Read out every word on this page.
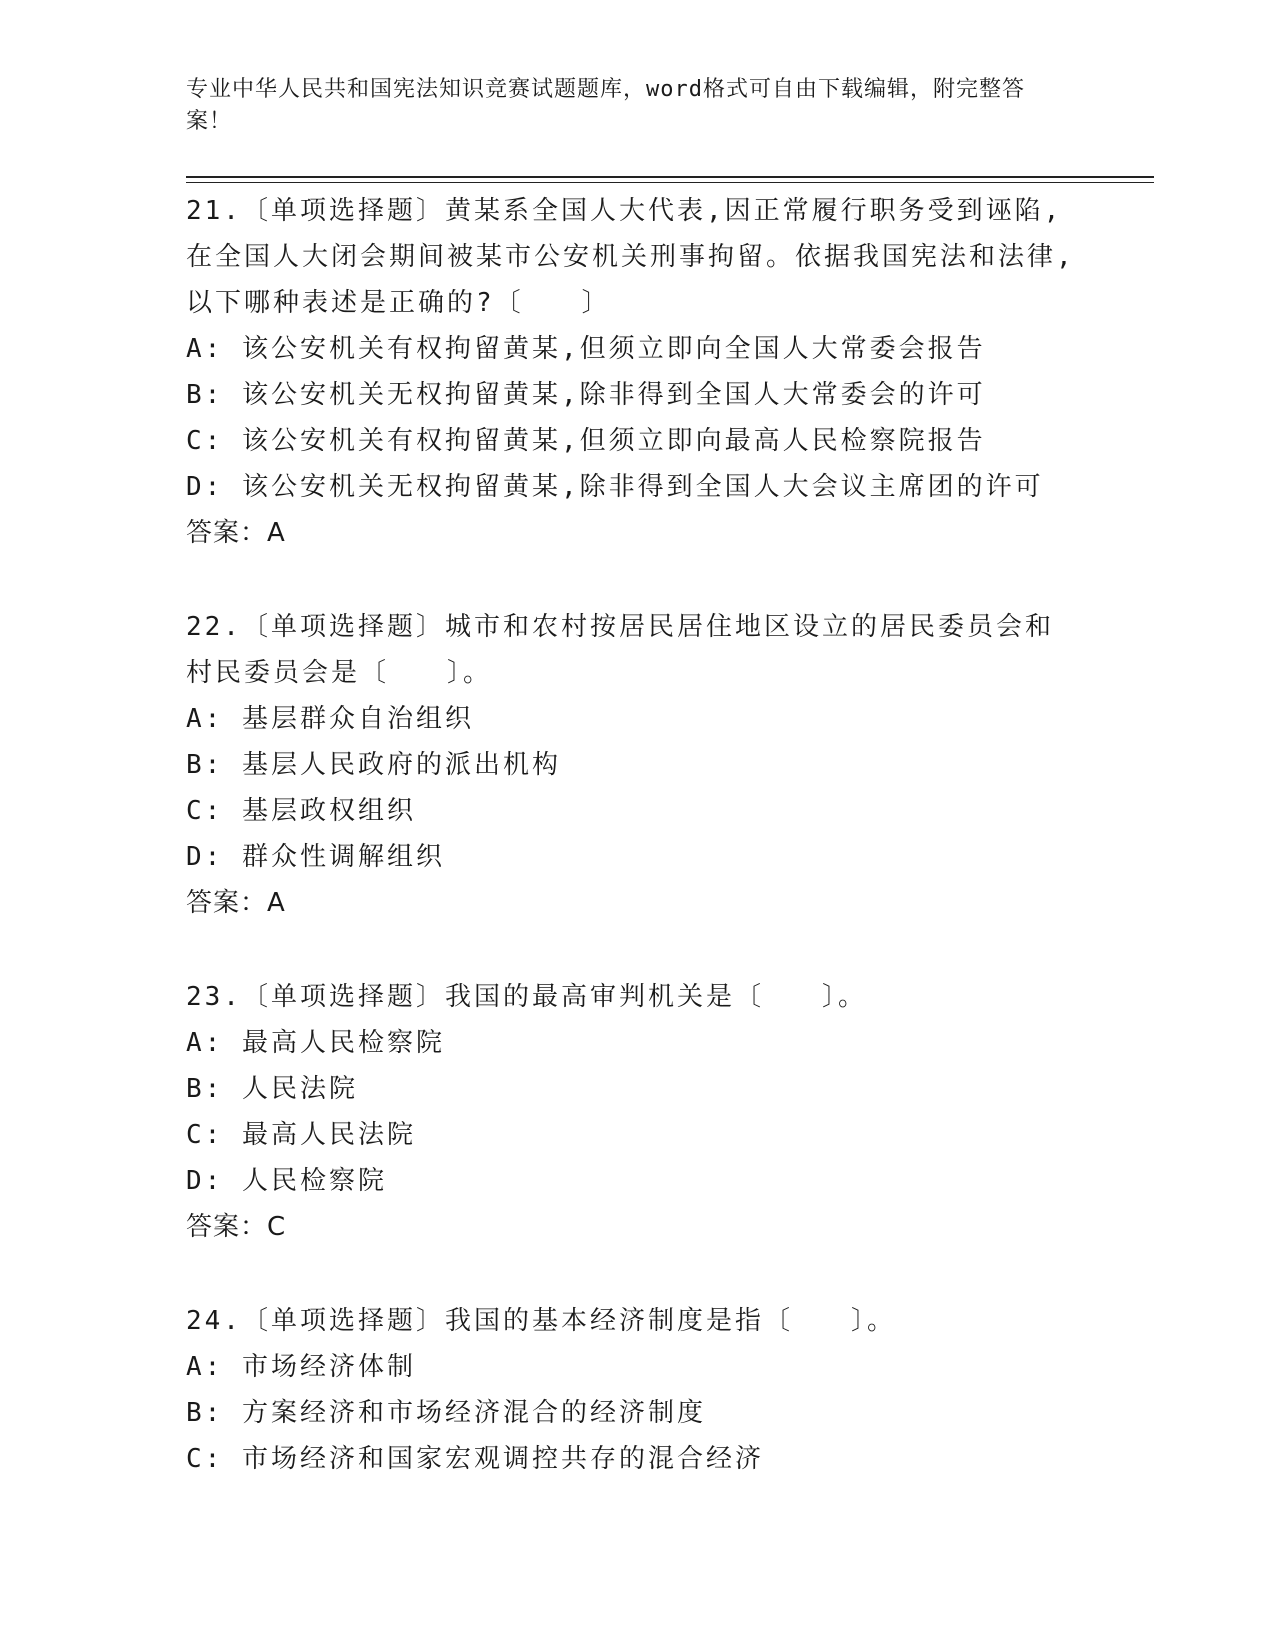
专业中华人民共和国宪法知识竞赛试题题库，word格式可自由下载编辑，附完整答案！
21.〔单项选择题〕黄某系全国人大代表,因正常履行职务受到诬陷,在全国人大闭会期间被某市公安机关刑事拘留。依据我国宪法和法律,以下哪种表述是正确的?〔　　〕
A: 该公安机关有权拘留黄某,但须立即向全国人大常委会报告
B: 该公安机关无权拘留黄某,除非得到全国人大常委会的许可
C: 该公安机关有权拘留黄某,但须立即向最高人民检察院报告
D: 该公安机关无权拘留黄某,除非得到全国人大会议主席团的许可
答案：A
22.〔单项选择题〕城市和农村按居民居住地区设立的居民委员会和村民委员会是〔　　〕。
A: 基层群众自治组织
B: 基层人民政府的派出机构
C: 基层政权组织
D: 群众性调解组织
答案：A
23.〔单项选择题〕我国的最高审判机关是〔　　〕。
A: 最高人民检察院
B: 人民法院
C: 最高人民法院
D: 人民检察院
答案：C
24.〔单项选择题〕我国的基本经济制度是指〔　　〕。
A: 市场经济体制
B: 方案经济和市场经济混合的经济制度
C: 市场经济和国家宏观调控共存的混合经济
